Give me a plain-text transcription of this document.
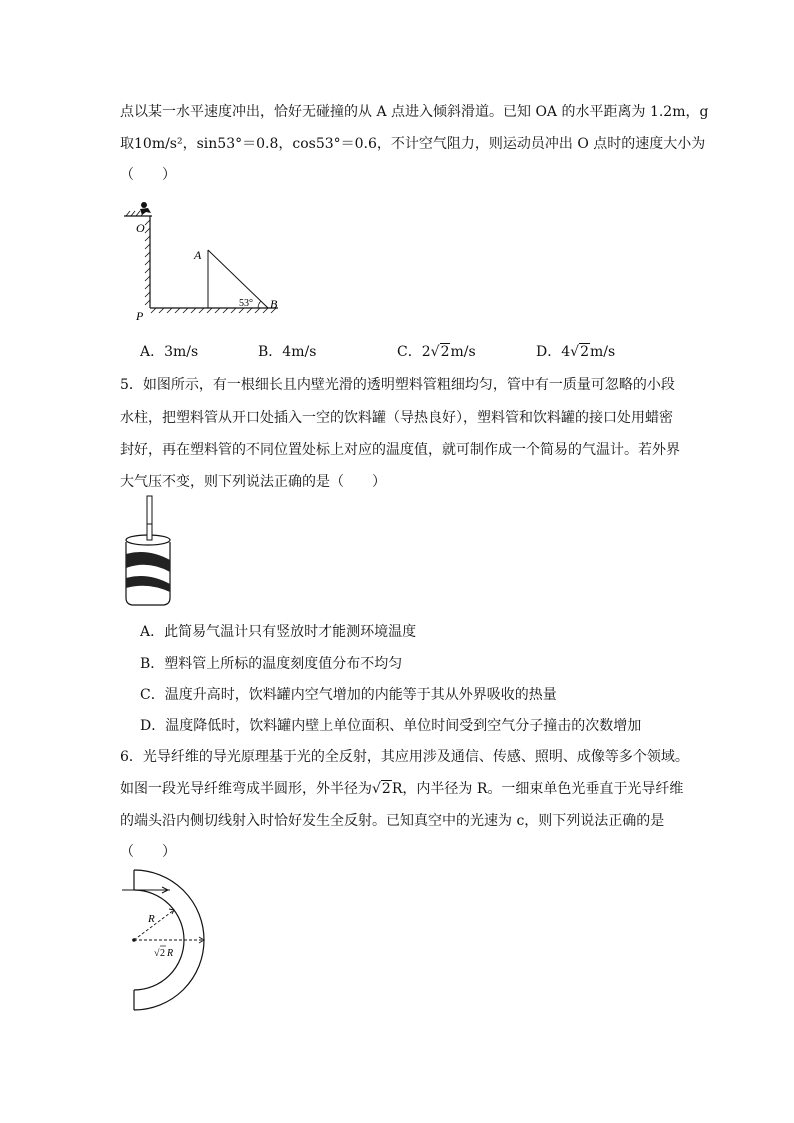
点以某一水平速度冲出，恰好无碰撞的从 A 点进入倾斜滑道。已知 OA 的水平距离为 1.2m，g
取10m/s²，sin53°＝0.8，cos53°＝0.6，不计空气阻力，则运动员冲出 O 点时的速度大小为
（　　）
O
A
P
B
53°
A．3m/s	B．4m/s	C．2√2m/s	D．4√2m/s
5．如图所示，有一根细长且内壁光滑的透明塑料管粗细均匀，管中有一质量可忽略的小段
水柱，把塑料管从开口处插入一空的饮料罐（导热良好），塑料管和饮料罐的接口处用蜡密
封好，再在塑料管的不同位置处标上对应的温度值，就可制作成一个简易的气温计。若外界
大气压不变，则下列说法正确的是（　　）
A．此简易气温计只有竖放时才能测环境温度
B．塑料管上所标的温度刻度值分布不均匀
C．温度升高时，饮料罐内空气增加的内能等于其从外界吸收的热量
D．温度降低时，饮料罐内壁上单位面积、单位时间受到空气分子撞击的次数增加
6．光导纤维的导光原理基于光的全反射，其应用涉及通信、传感、照明、成像等多个领域。
如图一段光导纤维弯成半圆形，外半径为√2R，内半径为 R。一细束单色光垂直于光导纤维
的端头沿内侧切线射入时恰好发生全反射。已知真空中的光速为 c，则下列说法正确的是
（　　）
R
√ 2 R
